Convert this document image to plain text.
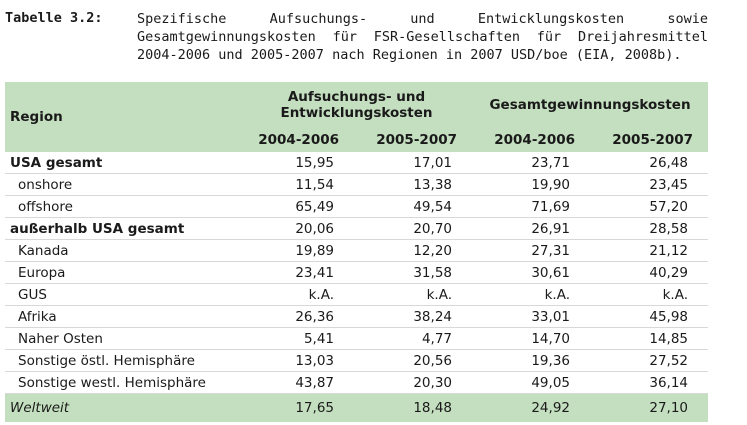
Tabelle 3.2:	Spezifische Aufsuchungs- und Entwicklungskosten sowie Gesamtgewinnungskosten für FSR-Gesellschaften für Dreijahresmittel 2004-2006 und 2005-2007 nach Regionen in 2007 USD/boe (EIA, 2008b).
Region	Aufsuchungs- und Entwicklungskosten		Gesamtgewinnungskosten	
	2004-2006	2005-2007	2004-2006	2005-2007
USA gesamt	15,95	17,01	23,71	26,48
onshore	11,54	13,38	19,90	23,45
offshore	65,49	49,54	71,69	57,20
außerhalb USA gesamt	20,06	20,70	26,91	28,58
Kanada	19,89	12,20	27,31	21,12
Europa	23,41	31,58	30,61	40,29
GUS	k.A.	k.A.	k.A.	k.A.
Afrika	26,36	38,24	33,01	45,98
Naher Osten	5,41	4,77	14,70	14,85
Sonstige östl. Hemisphäre	13,03	20,56	19,36	27,52
Sonstige westl. Hemisphäre	43,87	20,30	49,05	36,14
Weltweit	17,65	18,48	24,92	27,10
